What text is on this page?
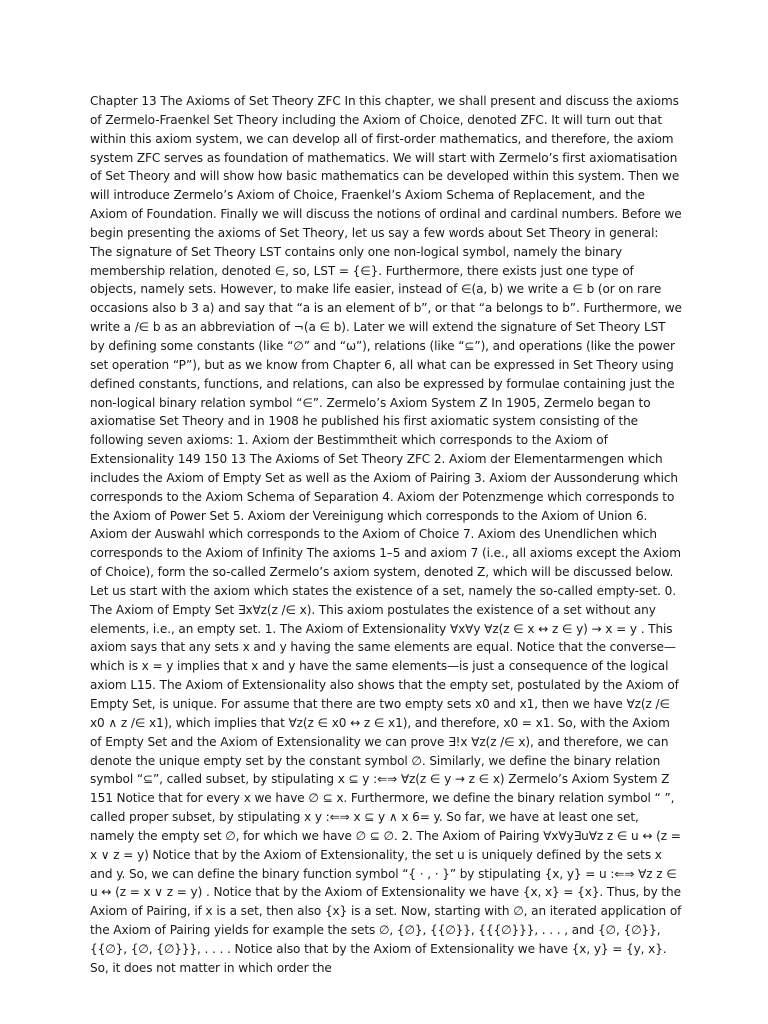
Chapter 13 The Axioms of Set Theory ZFC In this chapter, we shall present and discuss the axioms of Zermelo-Fraenkel Set Theory including the Axiom of Choice, denoted ZFC. It will turn out that within this axiom system, we can develop all of first-order mathematics, and therefore, the axiom system ZFC serves as foundation of mathematics. We will start with Zermelo’s first axiomatisation of Set Theory and will show how basic mathematics can be developed within this system. Then we will introduce Zermelo’s Axiom of Choice, Fraenkel’s Axiom Schema of Replacement, and the Axiom of Foundation. Finally we will discuss the notions of ordinal and cardinal numbers. Before we begin presenting the axioms of Set Theory, let us say a few words about Set Theory in general: The signature of Set Theory LST contains only one non-logical symbol, namely the binary membership relation, denoted ∈, so, LST = {∈}. Furthermore, there exists just one type of objects, namely sets. However, to make life easier, instead of ∈(a, b) we write a ∈ b (or on rare occasions also b 3 a) and say that “a is an element of b”, or that “a belongs to b”. Furthermore, we write a /∈ b as an abbreviation of ¬(a ∈ b). Later we will extend the signature of Set Theory LST by defining some constants (like “∅” and “ω”), relations (like “⊆”), and operations (like the power set operation “P”), but as we know from Chapter 6, all what can be expressed in Set Theory using defined constants, functions, and relations, can also be expressed by formulae containing just the non-logical binary relation symbol “∈”. Zermelo’s Axiom System Z In 1905, Zermelo began to axiomatise Set Theory and in 1908 he published his first axiomatic system consisting of the following seven axioms: 1. Axiom der Bestimmtheit which corresponds to the Axiom of Extensionality 149 150 13 The Axioms of Set Theory ZFC 2. Axiom der Elementarmengen which includes the Axiom of Empty Set as well as the Axiom of Pairing 3. Axiom der Aussonderung which corresponds to the Axiom Schema of Separation 4. Axiom der Potenzmenge which corresponds to the Axiom of Power Set 5. Axiom der Vereinigung which corresponds to the Axiom of Union 6. Axiom der Auswahl which corresponds to the Axiom of Choice 7. Axiom des Unendlichen which corresponds to the Axiom of Infinity The axioms 1–5 and axiom 7 (i.e., all axioms except the Axiom of Choice), form the so-called Zermelo’s axiom system, denoted Z, which will be discussed below. Let us start with the axiom which states the existence of a set, namely the so-called empty-set. 0. The Axiom of Empty Set ∃x∀z(z /∈ x). This axiom postulates the existence of a set without any elements, i.e., an empty set. 1. The Axiom of Extensionality ∀x∀y ∀z(z ∈ x ↔ z ∈ y) → x = y . This axiom says that any sets x and y having the same elements are equal. Notice that the converse—which is x = y implies that x and y have the same elements—is just a consequence of the logical axiom L15. The Axiom of Extensionality also shows that the empty set, postulated by the Axiom of Empty Set, is unique. For assume that there are two empty sets x0 and x1, then we have ∀z(z /∈ x0 ∧ z /∈ x1), which implies that ∀z(z ∈ x0 ↔ z ∈ x1), and therefore, x0 = x1. So, with the Axiom of Empty Set and the Axiom of Extensionality we can prove ∃!x ∀z(z /∈ x), and therefore, we can denote the unique empty set by the constant symbol ∅. Similarly, we define the binary relation symbol “⊆”, called subset, by stipulating x ⊆ y :⇐⇒ ∀z(z ∈ y → z ∈ x) Zermelo’s Axiom System Z 151 Notice that for every x we have ∅ ⊆ x. Furthermore, we define the binary relation symbol “ ”, called proper subset, by stipulating x y :⇐⇒ x ⊆ y ∧ x 6= y. So far, we have at least one set, namely the empty set ∅, for which we have ∅ ⊆ ∅. 2. The Axiom of Pairing ∀x∀y∃u∀z z ∈ u ↔ (z = x ∨ z = y) Notice that by the Axiom of Extensionality, the set u is uniquely defined by the sets x and y. So, we can define the binary function symbol “{ · , · }” by stipulating {x, y} = u :⇐⇒ ∀z z ∈ u ↔ (z = x ∨ z = y) . Notice that by the Axiom of Extensionality we have {x, x} = {x}. Thus, by the Axiom of Pairing, if x is a set, then also {x} is a set. Now, starting with ∅, an iterated application of the Axiom of Pairing yields for example the sets ∅, {∅}, {{∅}}, {{{∅}}}, . . . , and {∅, {∅}}, {{∅}, {∅, {∅}}}, . . . . Notice also that by the Axiom of Extensionality we have {x, y} = {y, x}. So, it does not matter in which order the
